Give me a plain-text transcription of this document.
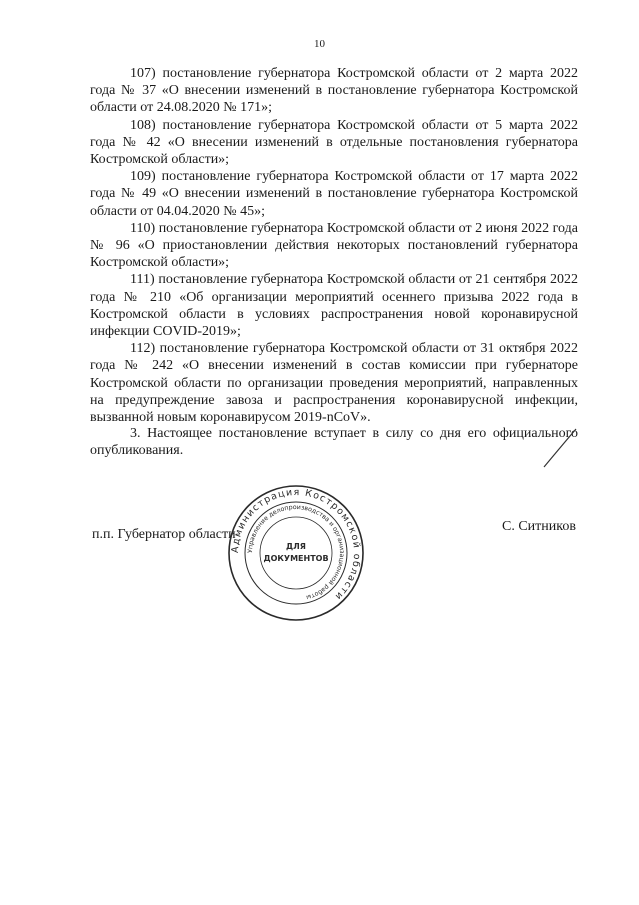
10

107) постановление губернатора Костромской области от 2 марта 2022 года № 37 «О внесении изменений в постановление губернатора Костромской области от 24.08.2020 № 171»;

108) постановление губернатора Костромской области от 5 марта 2022 года № 42 «О внесении изменений в отдельные постановления губернатора Костромской области»;

109) постановление губернатора Костромской области от 17 марта 2022 года № 49 «О внесении изменений в постановление губернатора Костромской области от 04.04.2020 № 45»;

110) постановление губернатора Костромской области от 2 июня 2022 года № 96 «О приостановлении действия некоторых постановлений губернатора Костромской области»;

111) постановление губернатора Костромской области от 21 сентября 2022 года № 210 «Об организации мероприятий осеннего призыва 2022 года в Костромской области в условиях распространения новой коронавирусной инфекции COVID-2019»;

112) постановление губернатора Костромской области от 31 октября 2022 года № 242 «О внесении изменений в состав комиссии при губернаторе Костромской области по организации проведения мероприятий, направленных на предупреждение завоза и распространения коронавирусной инфекции, вызванной новым коронавирусом 2019-nCoV».

3. Настоящее постановление вступает в силу со дня его официального опубликования.

п.п. Губернатор области
С. Ситников
Администрация Костромской области
Управление делопроизводства и организационной работы
ДЛЯ
ДОКУМЕНТОВ
